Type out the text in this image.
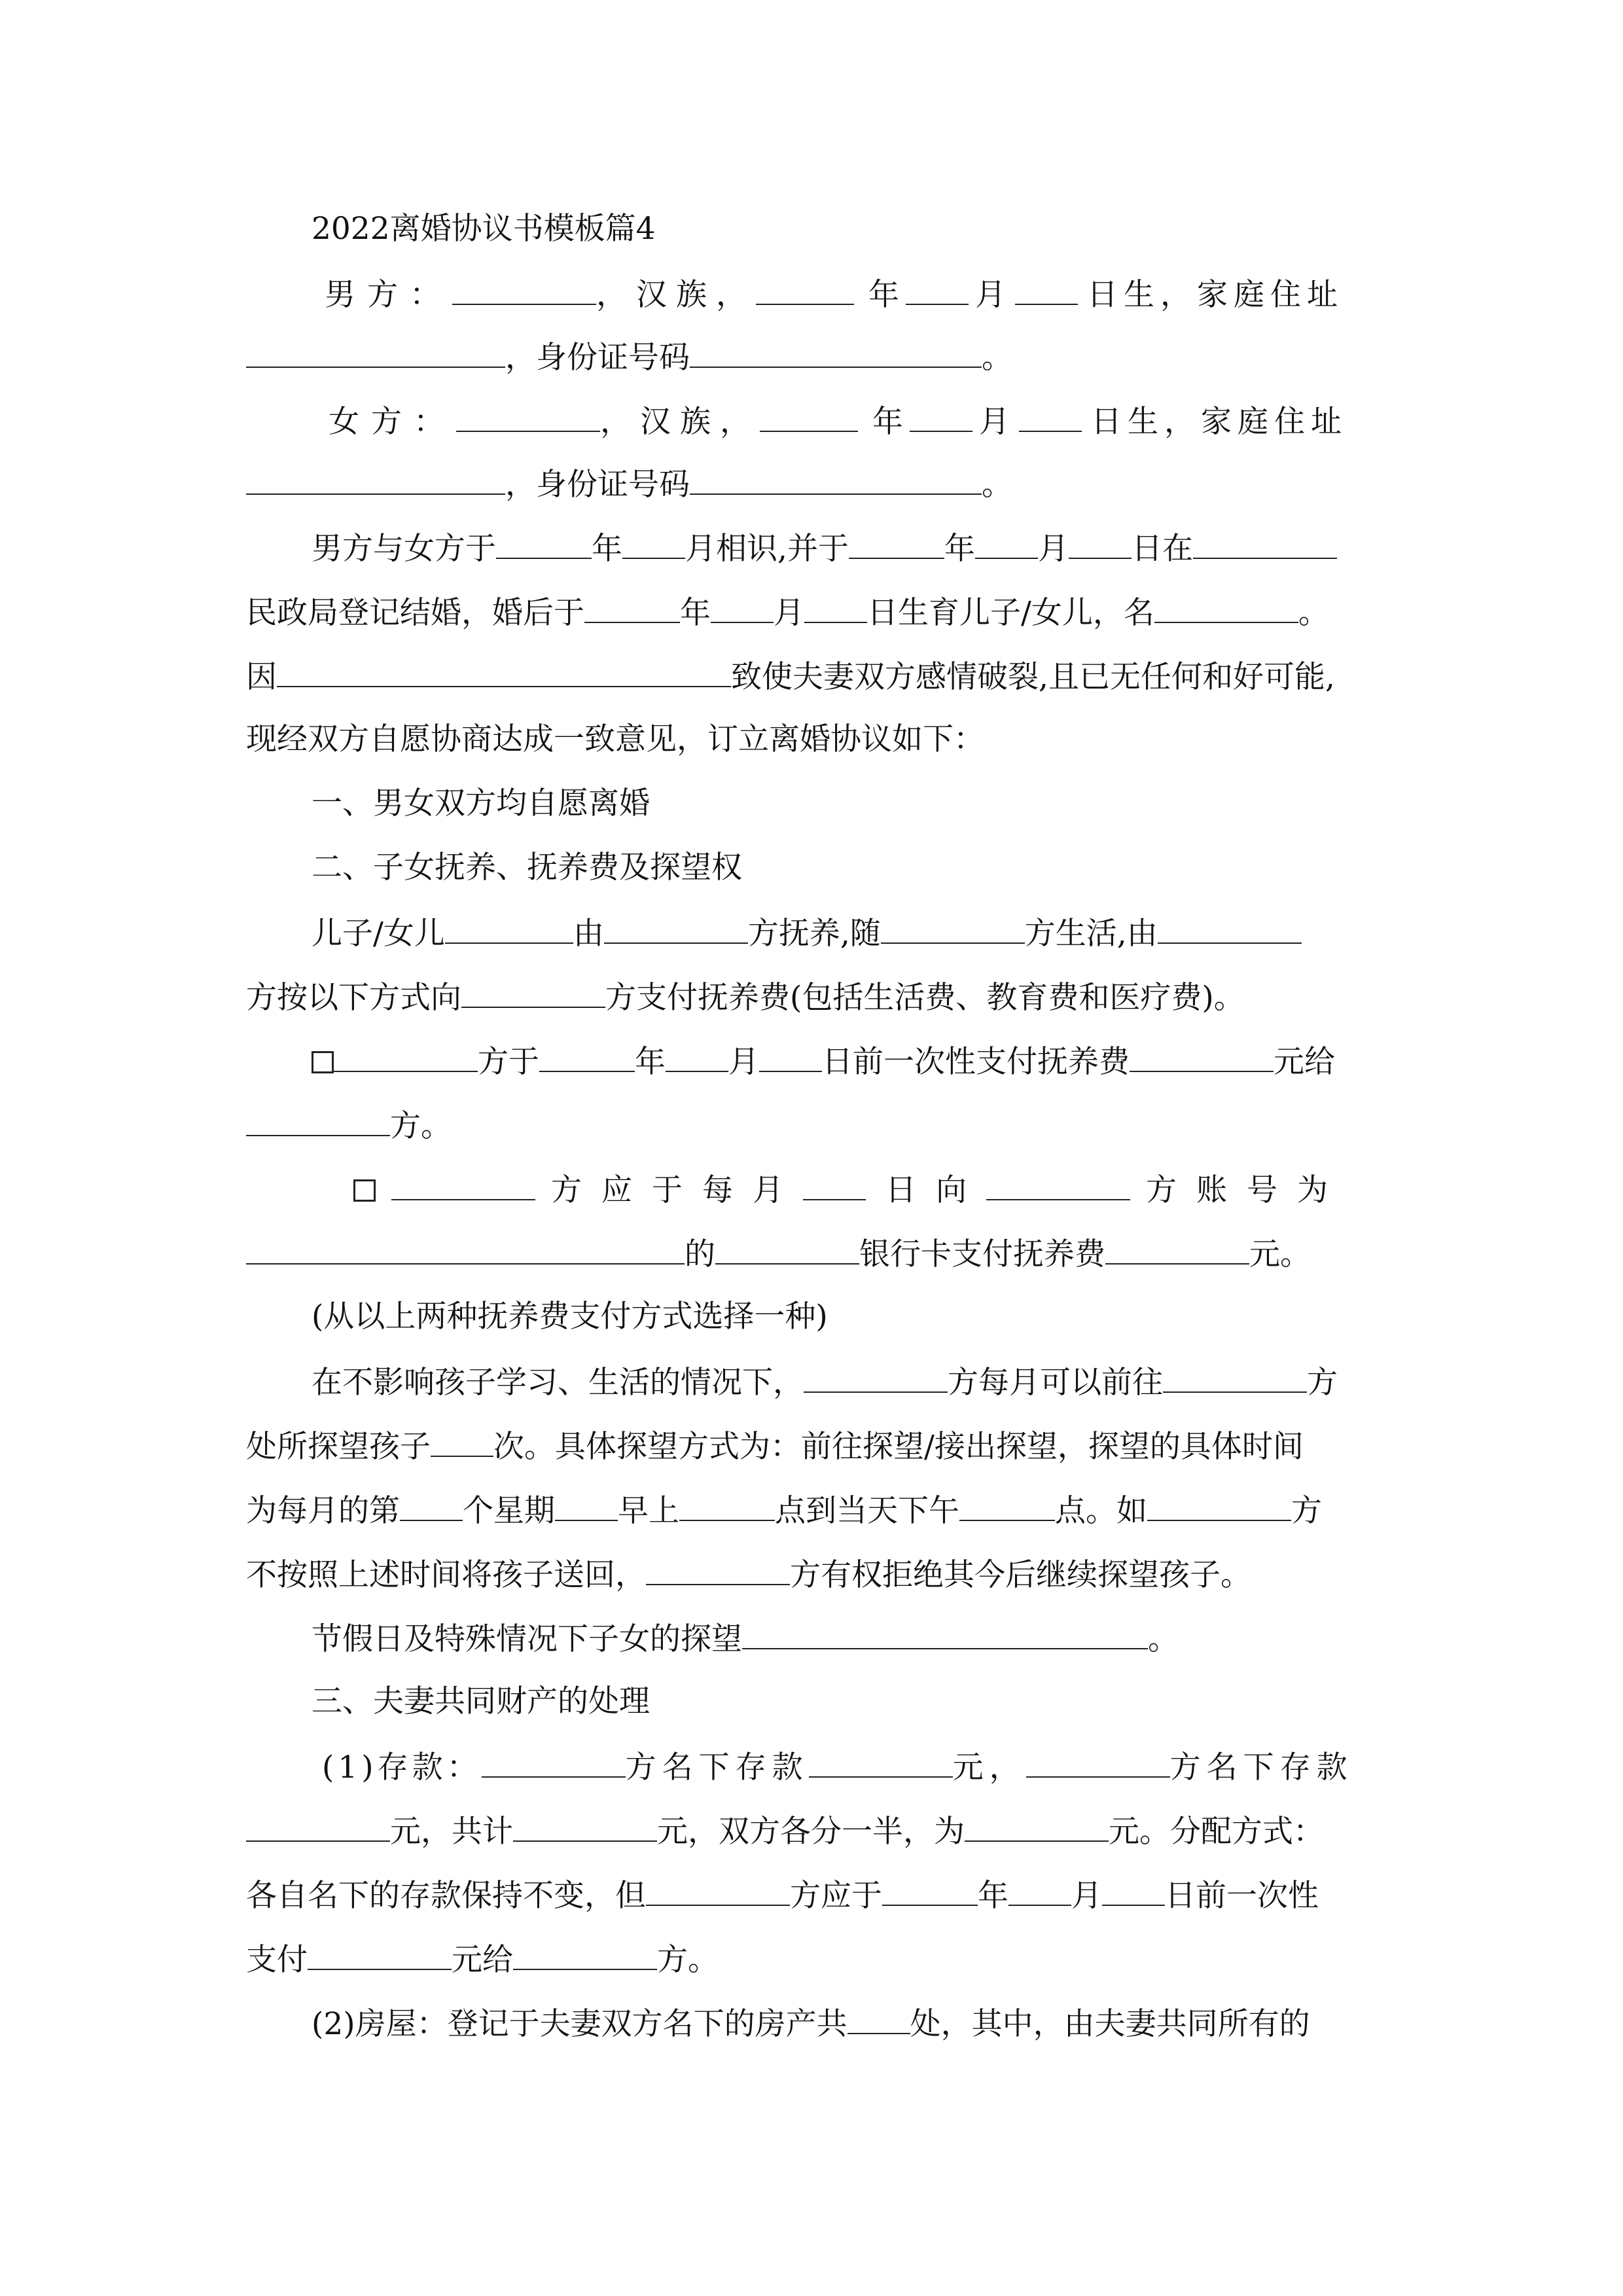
2022离婚协议书模板篇4
男方：	，汉族，	年 月	日生，家庭住址
，身份证号码	。
女方：	，汉族，	年 月	日生，家庭住址
，身份证号码	。
男方与女方于	年 月相识,并于	年 月 日在
民政局登记结婚，婚后于	年 月 日生育儿子/女儿，名	。
因	致使夫妻双方感情破裂,且已无任何和好可能,
现经双方自愿协商达成一致意见，订立离婚协议如下：
一、男女双方均自愿离婚
二、子女抚养、抚养费及探望权
儿子/女儿	由	方抚养,随	方生活,由
方按以下方式向	方支付抚养费(包括生活费、教育费和医疗费)。
方于	年 月 日前一次性支付抚养费	元给
方。
方应于每月	日向	方账号为
的	银行卡支付抚养费	元。
(从以上两种抚养费支付方式选择一种)
在不影响孩子学习、生活的情况下，	方每月可以前往	方
处所探望孩子 次。具体探望方式为：前往探望/接出探望，探望的具体时间
为每月的第 个星期 早上	点到当天下午	点。如	方
不按照上述时间将孩子送回，	方有权拒绝其今后继续探望孩子。
节假日及特殊情况下子女的探望	。
三、夫妻共同财产的处理
(1)存款：	方名下存款	元，	方名下存款
元，共计	元，双方各分一半，为	元。分配方式：
各自名下的存款保持不变，但	方应于	年 月 日前一次性
支付	元给	方。
(2)房屋：登记于夫妻双方名下的房产共 处，其中，由夫妻共同所有的
